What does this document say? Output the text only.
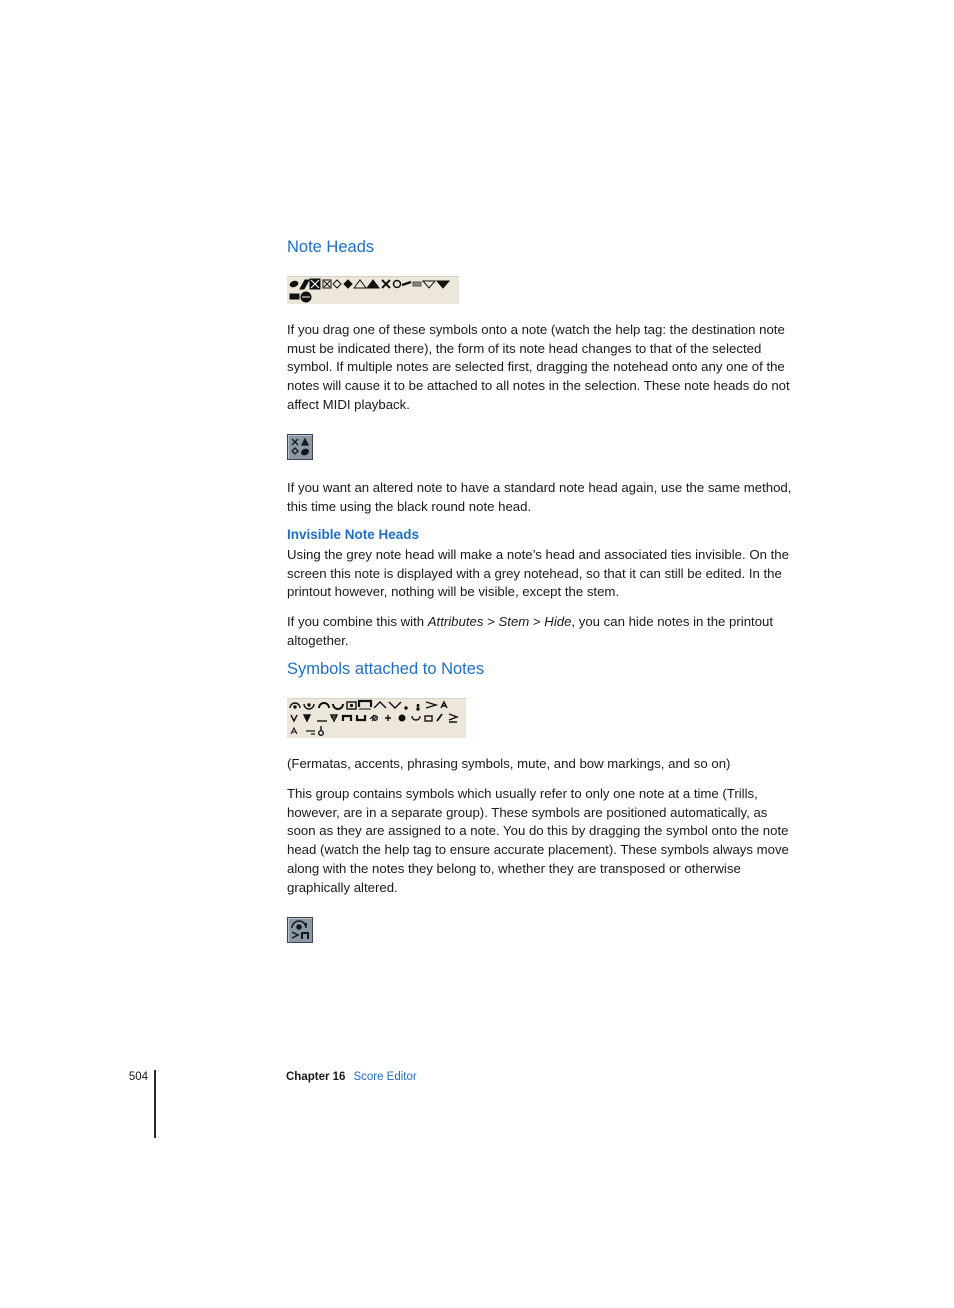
Note Heads

If you drag one of these symbols onto a note (watch the help tag: the destination note must be indicated there), the form of its note head changes to that of the selected symbol. If multiple notes are selected first, dragging the notehead onto any one of the notes will cause it to be attached to all notes in the selection. These note heads do not affect MIDI playback.

If you want an altered note to have a standard note head again, use the same method, this time using the black round note head.

Invisible Note Heads

Using the grey note head will make a note’s head and associated ties invisible. On the screen this note is displayed with a grey notehead, so that it can still be edited. In the printout however, nothing will be visible, except the stem.

If you combine this with Attributes > Stem > Hide, you can hide notes in the printout altogether.

Symbols attached to Notes

(Fermatas, accents, phrasing symbols, mute, and bow markings, and so on)

This group contains symbols which usually refer to only one note at a time (Trills, however, are in a separate group). These symbols are positioned automatically, as soon as they are assigned to a note. You do this by dragging the symbol onto the note head (watch the help tag to ensure accurate placement). These symbols always move along with the notes they belong to, whether they are transposed or otherwise graphically altered.

504	Chapter 16 Score Editor
